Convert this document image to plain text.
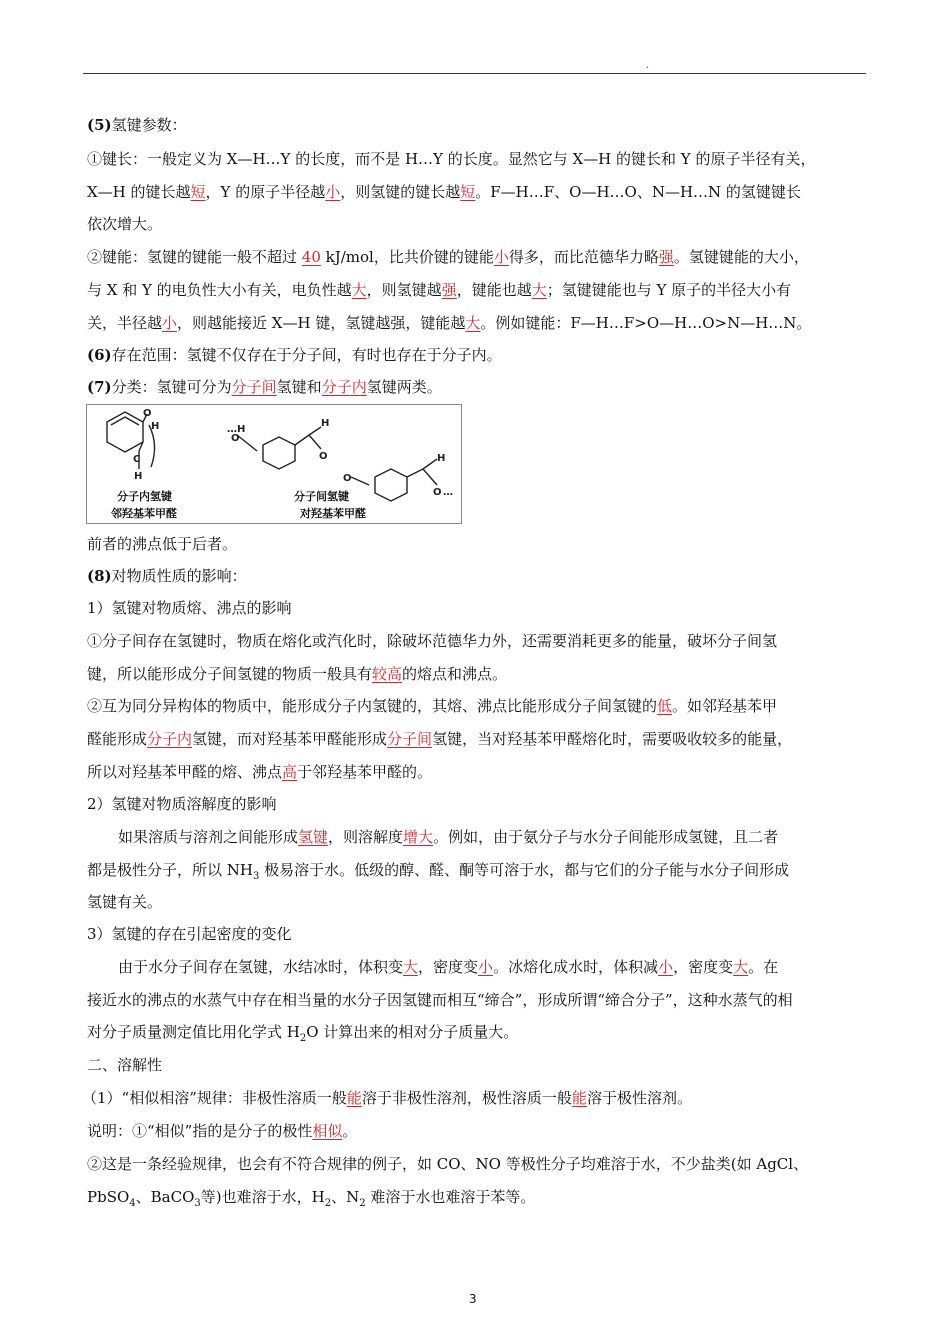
.
(5)氢键参数：
①键长：一般定义为 X—H…Y 的长度，而不是 H…Y 的长度。显然它与 X—H 的键长和 Y 的原子半径有关，
X—H 的键长越短，Y 的原子半径越小，则氢键的键长越短。F—H…F、O—H…O、N—H…N 的氢键键长
依次增大。
②键能：氢键的键能一般不超过 40 kJ/mol，比共价键的键能小得多，而比范德华力略强。氢键键能的大小，
与 X 和 Y 的电负性大小有关，电负性越大，则氢键越强，键能也越大；氢键键能也与 Y 原子的半径大小有
关，半径越小，则越能接近 X—H 键，氢键越强，键能越大。例如键能：F—H…F>O—H…O>N—H…N。
(6)存在范围：氢键不仅存在于分子间，有时也存在于分子内。
(7)分类：氢键可分为分子间氢键和分子内氢键两类。
O
H
C
H
…H
O
H
O
O
H
O …
分子内氢键
邻羟基苯甲醛
分子间氢键
对羟基苯甲醛
前者的沸点低于后者。
(8)对物质性质的影响：
1）氢键对物质熔、沸点的影响
①分子间存在氢键时，物质在熔化或汽化时，除破坏范德华力外，还需要消耗更多的能量，破坏分子间氢
键，所以能形成分子间氢键的物质一般具有较高的熔点和沸点。
②互为同分异构体的物质中，能形成分子内氢键的，其熔、沸点比能形成分子间氢键的低。如邻羟基苯甲
醛能形成分子内氢键，而对羟基苯甲醛能形成分子间氢键，当对羟基苯甲醛熔化时，需要吸收较多的能量，
所以对羟基苯甲醛的熔、沸点高于邻羟基苯甲醛的。
2）氢键对物质溶解度的影响
如果溶质与溶剂之间能形成氢键，则溶解度增大。例如，由于氨分子与水分子间能形成氢键，且二者
都是极性分子，所以 $NH_3$ 极易溶于水。低级的醇、醛、酮等可溶于水，都与它们的分子能与水分子间形成
氢键有关。
3）氢键的存在引起密度的变化
由于水分子间存在氢键，水结冰时，体积变大，密度变小。冰熔化成水时，体积减小，密度变大。在
接近水的沸点的水蒸气中存在相当量的水分子因氢键而相互“缔合”，形成所谓“缔合分子”，这种水蒸气的相
对分子质量测定值比用化学式 $H_2O$ 计算出来的相对分子质量大。
二、溶解性
（1）“相似相溶”规律：非极性溶质一般能溶于非极性溶剂，极性溶质一般能溶于极性溶剂。
说明：①“相似”指的是分子的极性相似。
②这是一条经验规律，也会有不符合规律的例子，如 CO、NO 等极性分子均难溶于水，不少盐类(如 AgCl、
PbSO$_4$、BaCO$_3$等)也难溶于水，$H_2$、$N_2$ 难溶于水也难溶于苯等。
3
